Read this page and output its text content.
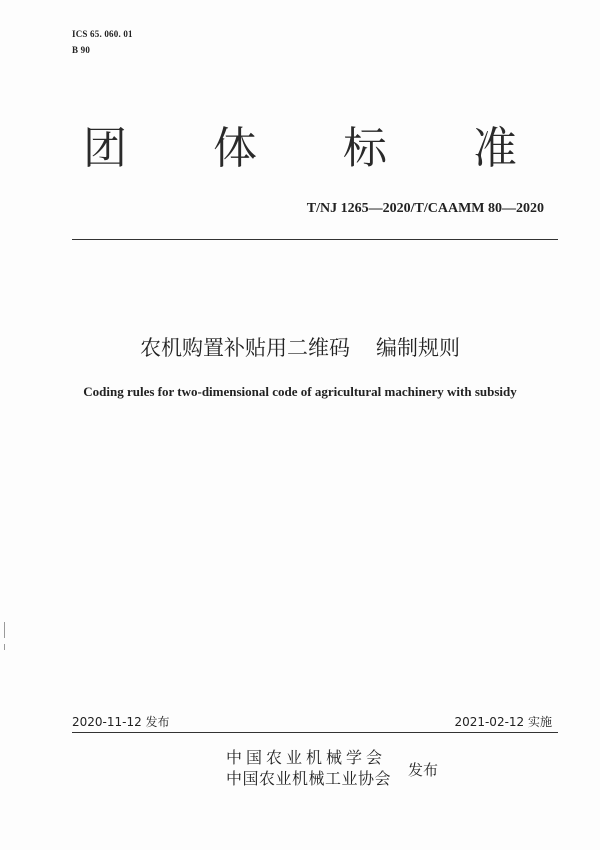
ICS 65. 060. 01
B 90
团 体 标 准
T/NJ 1265—2020/T/CAAMM 80—2020
农机购置补贴用二维码 编制规则
Coding rules for two-dimensional code of agricultural machinery with subsidy
2020-11-12 发布	2021-02-12 实施
中国农业机械学会
中国农业机械工业协会 发布
